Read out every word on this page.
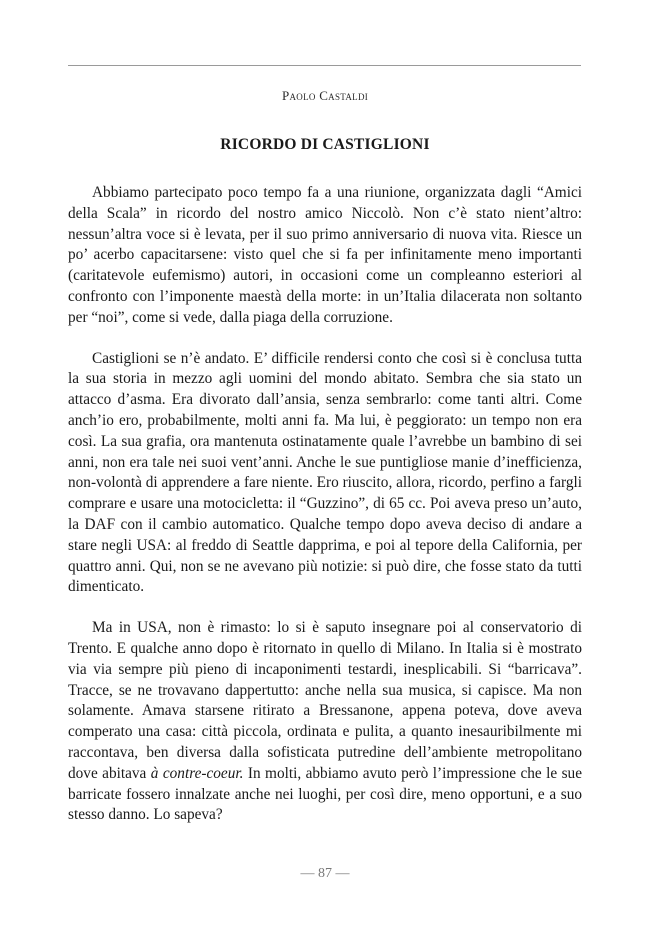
Paolo Castaldi
RICORDO DI CASTIGLIONI

Abbiamo partecipato poco tempo fa a una riunione, organizzata dagli “Amici della Scala” in ricordo del nostro amico Niccolò. Non c’è stato nient’altro: nessun’altra voce si è levata, per il suo primo anniversario di nuova vita. Riesce un po’ acerbo capacitarsene: visto quel che si fa per infinitamente meno importanti (caritatevole eufemismo) autori, in occasioni come un compleanno esteriori al confronto con l’imponente maestà della morte: in un’Italia dilacerata non soltanto per “noi”, come si vede, dalla piaga della corruzione.

Castiglioni se n’è andato. E’ difficile rendersi conto che così si è conclusa tutta la sua storia in mezzo agli uomini del mondo abitato. Sembra che sia stato un attacco d’asma. Era divorato dall’ansia, senza sembrarlo: come tanti altri. Come anch’io ero, probabilmente, molti anni fa. Ma lui, è peggiorato: un tempo non era così. La sua grafia, ora mantenuta ostinatamente quale l’avrebbe un bambino di sei anni, non era tale nei suoi vent’anni. Anche le sue puntigliose manie d’inefficienza, non-volontà di apprendere a fare niente. Ero riuscito, allora, ricordo, perfino a fargli comprare e usare una motocicletta: il “Guzzino”, di 65 cc. Poi aveva preso un’auto, la DAF con il cambio automatico. Qualche tempo dopo aveva deciso di andare a stare negli USA: al freddo di Seattle dapprima, e poi al tepore della California, per quattro anni. Qui, non se ne avevano più notizie: si può dire, che fosse stato da tutti dimenticato.

Ma in USA, non è rimasto: lo si è saputo insegnare poi al conservatorio di Trento. E qualche anno dopo è ritornato in quello di Milano. In Italia si è mostrato via via sempre più pieno di incaponimenti testardi, inesplicabili. Si “barricava”. Tracce, se ne trovavano dappertutto: anche nella sua musica, si capisce. Ma non solamente. Amava starsene ritirato a Bressanone, appena poteva, dove aveva comperato una casa: città piccola, ordinata e pulita, a quanto inesauribilmente mi raccontava, ben diversa dalla sofisticata putredine dell’ambiente metropolitano dove abitava à contre-coeur. In molti, abbiamo avuto però l’impressione che le sue barricate fossero innalzate anche nei luoghi, per così dire, meno opportuni, e a suo stesso danno. Lo sapeva?

— 87 —
